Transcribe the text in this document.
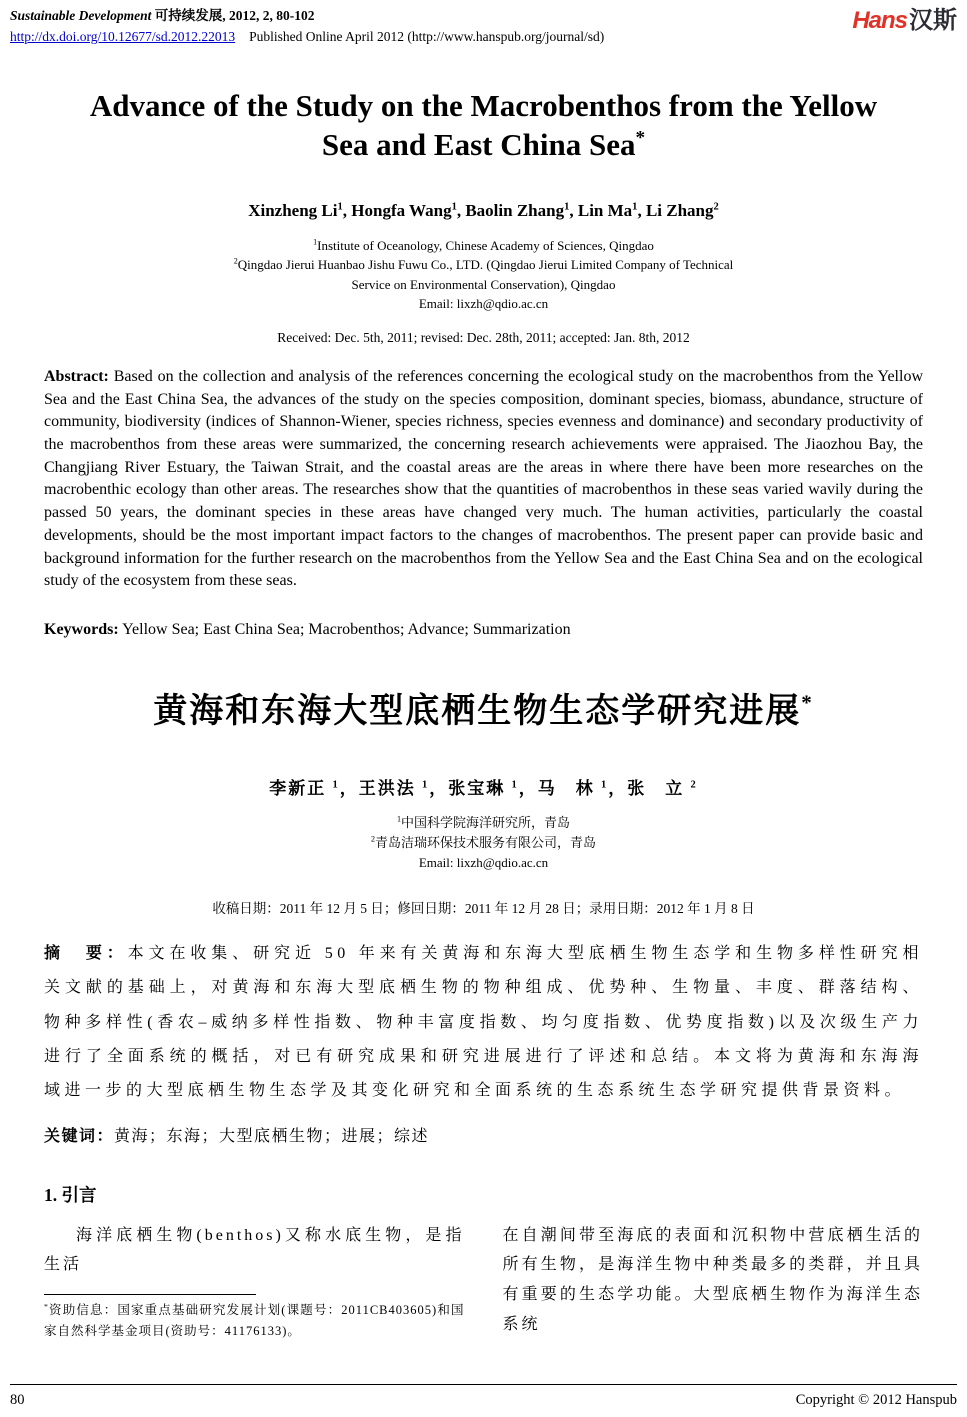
Sustainable Development 可持续发展, 2012, 2, 80-102
http://dx.doi.org/10.12677/sd.2012.22013 Published Online April 2012 (http://www.hanspub.org/journal/sd)
Hans汉斯
Advance of the Study on the Macrobenthos from the Yellow Sea and East China Sea*
Xinzheng Li$^1$, Hongfa Wang$^1$, Baolin Zhang$^1$, Lin Ma$^1$, Li Zhang$^2$
$^1$Institute of Oceanology, Chinese Academy of Sciences, Qingdao
$^2$Qingdao Jierui Huanbao Jishu Fuwu Co., LTD. (Qingdao Jierui Limited Company of Technical Service on Environmental Conservation), Qingdao
Email: lixzh@qdio.ac.cn
Received: Dec. 5th, 2011; revised: Dec. 28th, 2011; accepted: Jan. 8th, 2012

Abstract: Based on the collection and analysis of the references concerning the ecological study on the macrobenthos from the Yellow Sea and the East China Sea, the advances of the study on the species composition, dominant species, biomass, abundance, structure of community, biodiversity (indices of Shannon-Wiener, species richness, species evenness and dominance) and secondary productivity of the macrobenthos from these areas were summarized, the concerning research achievements were appraised. The Jiaozhou Bay, the Changjiang River Estuary, the Taiwan Strait, and the coastal areas are the areas in where there have been more researches on the macrobenthic ecology than other areas. The researches show that the quantities of macrobenthos in these seas varied wavily during the passed 50 years, the dominant species in these areas have changed very much. The human activities, particularly the coastal developments, should be the most important impact factors to the changes of macrobenthos. The present paper can provide basic and background information for the further research on the macrobenthos from the Yellow Sea and the East China Sea and on the ecological study of the ecosystem from these seas.

Keywords: Yellow Sea; East China Sea; Macrobenthos; Advance; Summarization

黄海和东海大型底栖生物生态学研究进展*
李新正 $^1$，王洪法 $^1$，张宝琳 $^1$，马　林 $^1$，张　立 $^2$
$^1$中国科学院海洋研究所，青岛
$^2$青岛洁瑞环保技术服务有限公司，青岛
Email: lixzh@qdio.ac.cn
收稿日期：2011 年 12 月 5 日；修回日期：2011 年 12 月 28 日；录用日期：2012 年 1 月 8 日

摘　要：本文在收集、研究近 50 年来有关黄海和东海大型底栖生物生态学和生物多样性研究相关文献的基础上，对黄海和东海大型底栖生物的物种组成、优势种、生物量、丰度、群落结构、物种多样性(香农–威纳多样性指数、物种丰富度指数、均匀度指数、优势度指数)以及次级生产力进行了全面系统的概括，对已有研究成果和研究进展进行了评述和总结。本文将为黄海和东海海域进一步的大型底栖生物生态学及其变化研究和全面系统的生态系统生态学研究提供背景资料。

关键词：黄海；东海；大型底栖生物；进展；综述

1. 引言

海洋底栖生物(benthos)又称水底生物，是指生活

*资助信息：国家重点基础研究发展计划(课题号：2011CB403605)和国家自然科学基金项目(资助号：41176133)。

在自潮间带至海底的表面和沉积物中营底栖生活的所有生物，是海洋生物中种类最多的类群，并且具有重要的生态学功能。大型底栖生物作为海洋生态系统

80	Copyright © 2012 Hanspub
